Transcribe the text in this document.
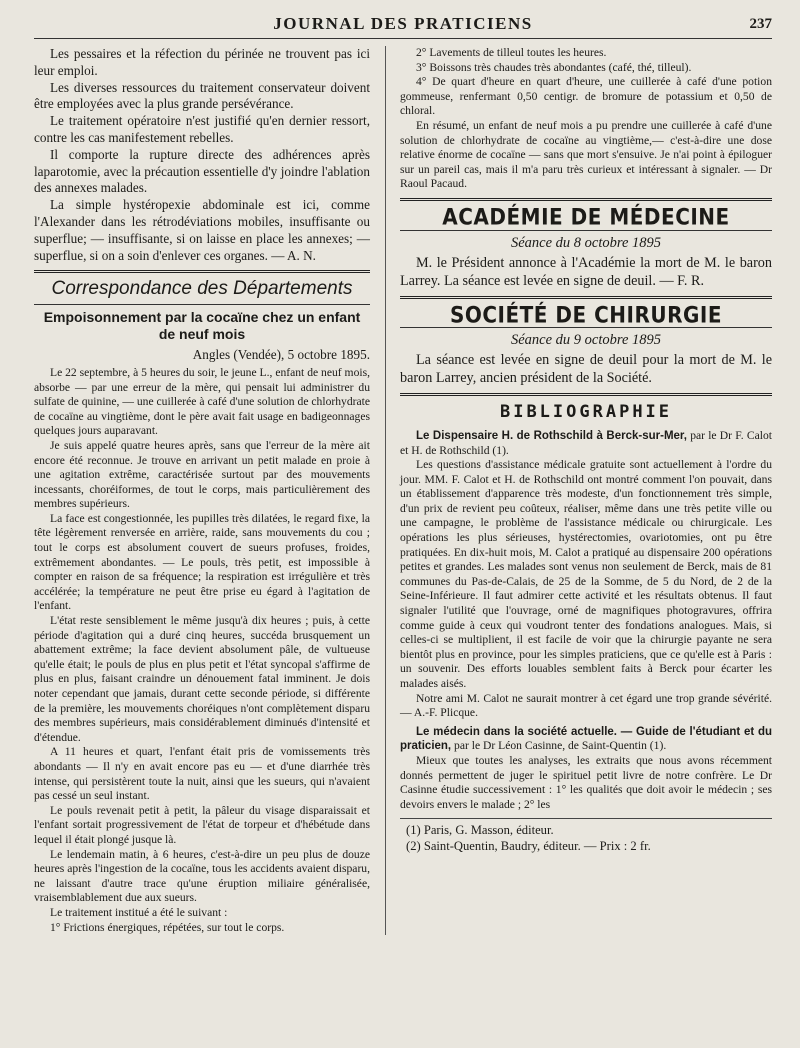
JOURNAL DES PRATICIENS	237

Les pessaires et la réfection du périnée ne trouvent pas ici leur emploi.

Les diverses ressources du traitement conservateur doivent être employées avec la plus grande persévérance.

Le traitement opératoire n'est justifié qu'en dernier ressort, contre les cas manifestement rebelles.

Il comporte la rupture directe des adhérences après laparotomie, avec la précaution essentielle d'y joindre l'ablation des annexes malades.

La simple hystéropexie abdominale est ici, comme l'Alexander dans les rétrodéviations mobiles, insuffisante ou superflue; — insuffisante, si on laisse en place les annexes; — superflue, si on a soin d'enlever ces organes. — A. N.

Correspondance des Départements
Empoisonnement par la cocaïne chez un enfant de neuf mois
Angles (Vendée), 5 octobre 1895.

Le 22 septembre, à 5 heures du soir, le jeune L., enfant de neuf mois, absorbe — par une erreur de la mère, qui pensait lui administrer du sulfate de quinine, — une cuillerée à café d'une solution de chlorhydrate de cocaïne au vingtième, dont le père avait fait usage en badigeonnages quelques jours auparavant.

Je suis appelé quatre heures après, sans que l'erreur de la mère ait encore été reconnue. Je trouve en arrivant un petit malade en proie à une agitation extrême, caractérisée surtout par des mouvements incessants, choréiformes, de tout le corps, mais particulièrement des membres supérieurs.

La face est congestionnée, les pupilles très dilatées, le regard fixe, la tête légèrement renversée en arrière, raide, sans mouvements du cou ; tout le corps est absolument couvert de sueurs profuses, froides, extrêmement abondantes. — Le pouls, très petit, est impossible à compter en raison de sa fréquence; la respiration est irrégulière et très accélérée; la température ne peut être prise eu égard à l'agitation de l'enfant.

L'état reste sensiblement le même jusqu'à dix heures ; puis, à cette période d'agitation qui a duré cinq heures, succéda brusquement un abattement extrême; la face devient absolument pâle, de vultueuse qu'elle était; le pouls de plus en plus petit et l'état syncopal s'affirme de plus en plus, faisant craindre un dénouement fatal imminent. Je dois noter cependant que jamais, durant cette seconde période, si différente de la première, les mouvements choréiques n'ont complètement disparu des membres supérieurs, mais considérablement diminués d'intensité et d'étendue.

A 11 heures et quart, l'enfant était pris de vomissements très abondants — Il n'y en avait encore pas eu — et d'une diarrhée très intense, qui persistèrent toute la nuit, ainsi que les sueurs, qui n'avaient pas cessé un seul instant.

Le pouls revenait petit à petit, la pâleur du visage disparaissait et l'enfant sortait progressivement de l'état de torpeur et d'hébétude dans lequel il était plongé jusque là.

Le lendemain matin, à 6 heures, c'est-à-dire un peu plus de douze heures après l'ingestion de la cocaïne, tous les accidents avaient disparu, ne laissant d'autre trace qu'une éruption miliaire généralisée, vraisemblablement due aux sueurs.

Le traitement institué a été le suivant :

1° Frictions énergiques, répétées, sur tout le corps.

2° Lavements de tilleul toutes les heures.

3° Boissons très chaudes très abondantes (café, thé, tilleul).

4° De quart d'heure en quart d'heure, une cuillerée à café d'une potion gommeuse, renfermant 0,50 centigr. de bromure de potassium et 0,50 de chloral.

En résumé, un enfant de neuf mois a pu prendre une cuillerée à café d'une solution de chlorhydrate de cocaïne au vingtième,— c'est-à-dire une dose relative énorme de cocaïne — sans que mort s'ensuive. Je n'ai point à épiloguer sur un pareil cas, mais il m'a paru très curieux et intéressant à signaler. — Dr Raoul Pacaud.

ACADÉMIE DE MÉDECINE
Séance du 8 octobre 1895

M. le Président annonce à l'Académie la mort de M. le baron Larrey. La séance est levée en signe de deuil. — F. R.

SOCIÉTÉ DE CHIRURGIE
Séance du 9 octobre 1895

La séance est levée en signe de deuil pour la mort de M. le baron Larrey, ancien président de la Société.

BIBLIOGRAPHIE

Le Dispensaire H. de Rothschild à Berck-sur-Mer, par le Dr F. Calot et H. de Rothschild (1).

Les questions d'assistance médicale gratuite sont actuellement à l'ordre du jour. MM. F. Calot et H. de Rothschild ont montré comment l'on pouvait, dans un établissement d'apparence très modeste, d'un fonctionnement très simple, d'un prix de revient peu coûteux, réaliser, même dans une très petite ville ou une campagne, le problème de l'assistance médicale ou chirurgicale. Les opérations les plus sérieuses, hystérectomies, ovariotomies, ont pu être pratiquées. En dix-huit mois, M. Calot a pratiqué au dispensaire 200 opérations petites et grandes. Les malades sont venus non seulement de Berck, mais de 81 communes du Pas-de-Calais, de 25 de la Somme, de 5 du Nord, de 2 de la Seine-Inférieure. Il faut admirer cette activité et les résultats obtenus. Il faut signaler l'utilité que l'ouvrage, orné de magnifiques photogravures, offrira comme guide à ceux qui voudront tenter des fondations analogues. Mais, si celles-ci se multiplient, il est facile de voir que la chirurgie payante ne sera bientôt plus en province, pour les simples praticiens, que ce qu'elle est à Paris : un souvenir. Des efforts louables semblent faits à Berck pour écarter les malades aisés.

Notre ami M. Calot ne saurait montrer à cet égard une trop grande sévérité. — A.-F. Plicque.

Le médecin dans la société actuelle. — Guide de l'étudiant et du praticien, par le Dr Léon Casinne, de Saint-Quentin (1).

Mieux que toutes les analyses, les extraits que nous avons récemment donnés permettent de juger le spirituel petit livre de notre confrère. Le Dr Casinne étudie successivement : 1° les qualités que doit avoir le médecin ; ses devoirs envers le malade ; 2° les

(1) Paris, G. Masson, éditeur.
(2) Saint-Quentin, Baudry, éditeur. — Prix : 2 fr.
